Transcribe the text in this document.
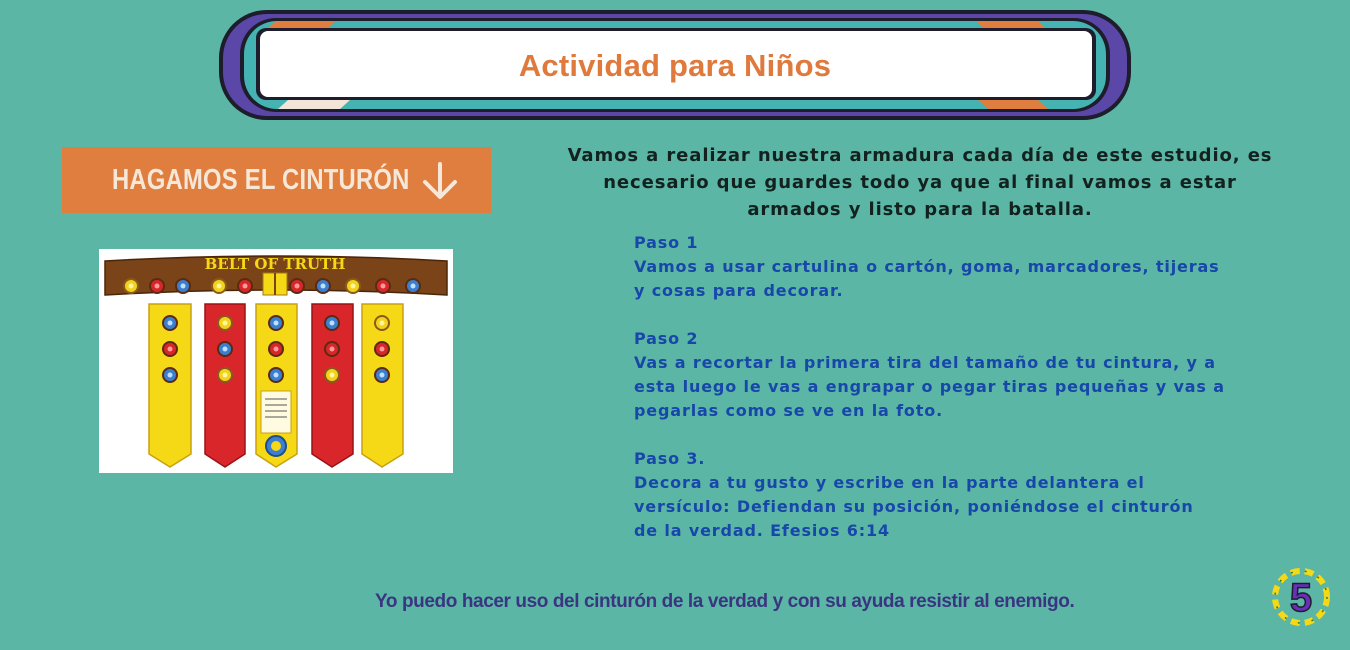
Actividad para Niños
HAGAMOS EL CINTURÓN
BELT OF TRUTH
Vamos a realizar nuestra armadura cada día de este estudio, es
necesario que guardes todo ya que al final vamos a estar
armados y listo para la batalla.
Paso 1
Vamos a usar cartulina o cartón, goma, marcadores, tijeras
y cosas para decorar.
Paso 2
Vas a recortar la primera tira del tamaño de tu cintura, y a
esta luego le vas a engrapar o pegar tiras pequeñas y vas a
pegarlas como se ve en la foto.
Paso 3.
Decora a tu gusto y escribe en la parte delantera el
versículo: Defiendan su posición, poniéndose el cinturón
de la verdad. Efesios 6:14
Yo puedo hacer uso del cinturón de la verdad y con su ayuda resistir al enemigo.	5
